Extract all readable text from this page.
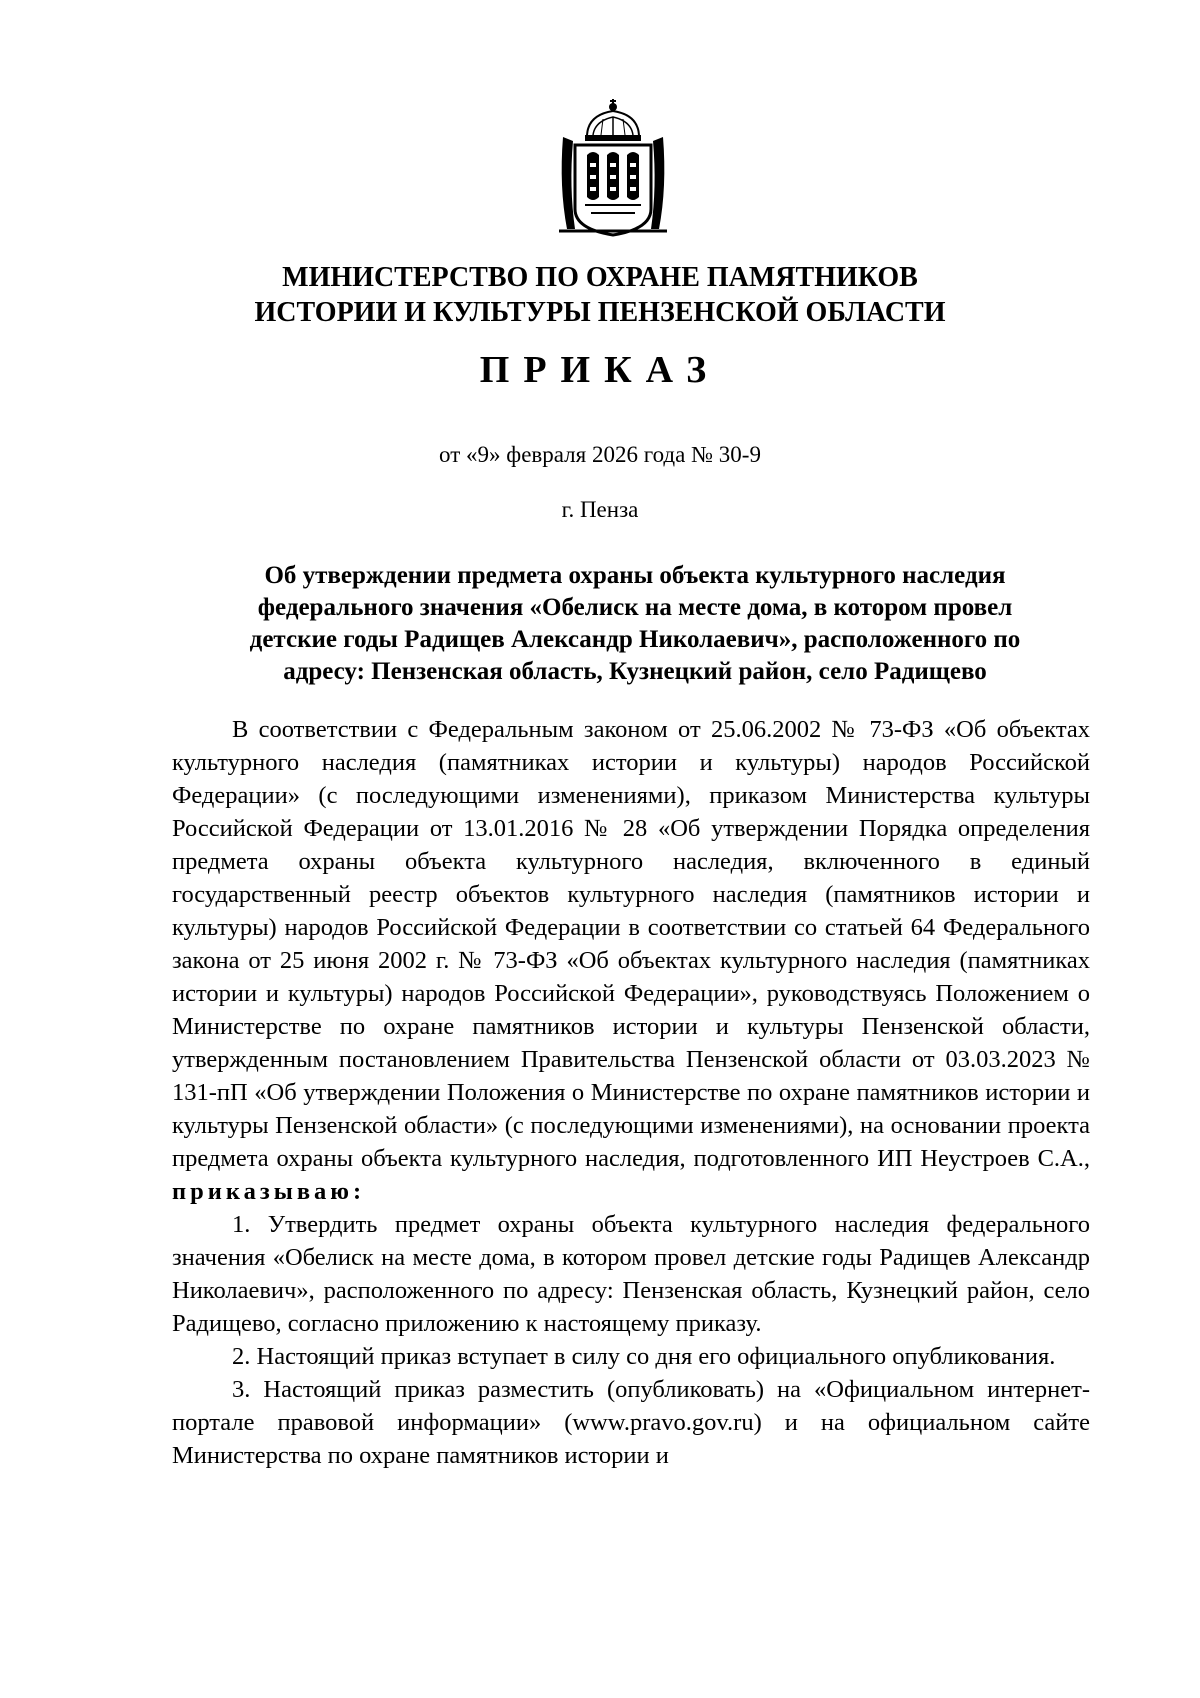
МИНИСТЕРСТВО ПО ОХРАНЕ ПАМЯТНИКОВ
ИСТОРИИ И КУЛЬТУРЫ ПЕНЗЕНСКОЙ ОБЛАСТИ
ПРИКАЗ
от «9» февраля 2026 года № 30-9
г. Пенза
Об утверждении предмета охраны объекта культурного наследия
федерального значения «Обелиск на месте дома, в котором провел
детские годы Радищев Александр Николаевич», расположенного по
адресу: Пензенская область, Кузнецкий район, село Радищево

В соответствии с Федеральным законом от 25.06.2002 № 73-ФЗ «Об объектах культурного наследия (памятниках истории и культуры) народов Российской Федерации» (с последующими изменениями), приказом Министерства культуры Российской Федерации от 13.01.2016 № 28 «Об утверждении Порядка определения предмета охраны объекта культурного наследия, включенного в единый государственный реестр объектов культурного наследия (памятников истории и культуры) народов Российской Федерации в соответствии со статьей 64 Федерального закона от 25 июня 2002 г. № 73-ФЗ «Об объектах культурного наследия (памятниках истории и культуры) народов Российской Федерации», руководствуясь Положением о Министерстве по охране памятников истории и культуры Пензенской области, утвержденным постановлением Правительства Пензенской области от 03.03.2023 № 131-пП «Об утверждении Положения о Министерстве по охране памятников истории и культуры Пензенской области» (с последующими изменениями), на основании проекта предмета охраны объекта культурного наследия, подготовленного ИП Неустроев С.А., приказываю:

1. Утвердить предмет охраны объекта культурного наследия федерального значения «Обелиск на месте дома, в котором провел детские годы Радищев Александр Николаевич», расположенного по адресу: Пензенская область, Кузнецкий район, село Радищево, согласно приложению к настоящему приказу.

2. Настоящий приказ вступает в силу со дня его официального опубликования.

3. Настоящий приказ разместить (опубликовать) на «Официальном интернет-портале правовой информации» (www.pravo.gov.ru) и на официальном сайте Министерства по охране памятников истории и
